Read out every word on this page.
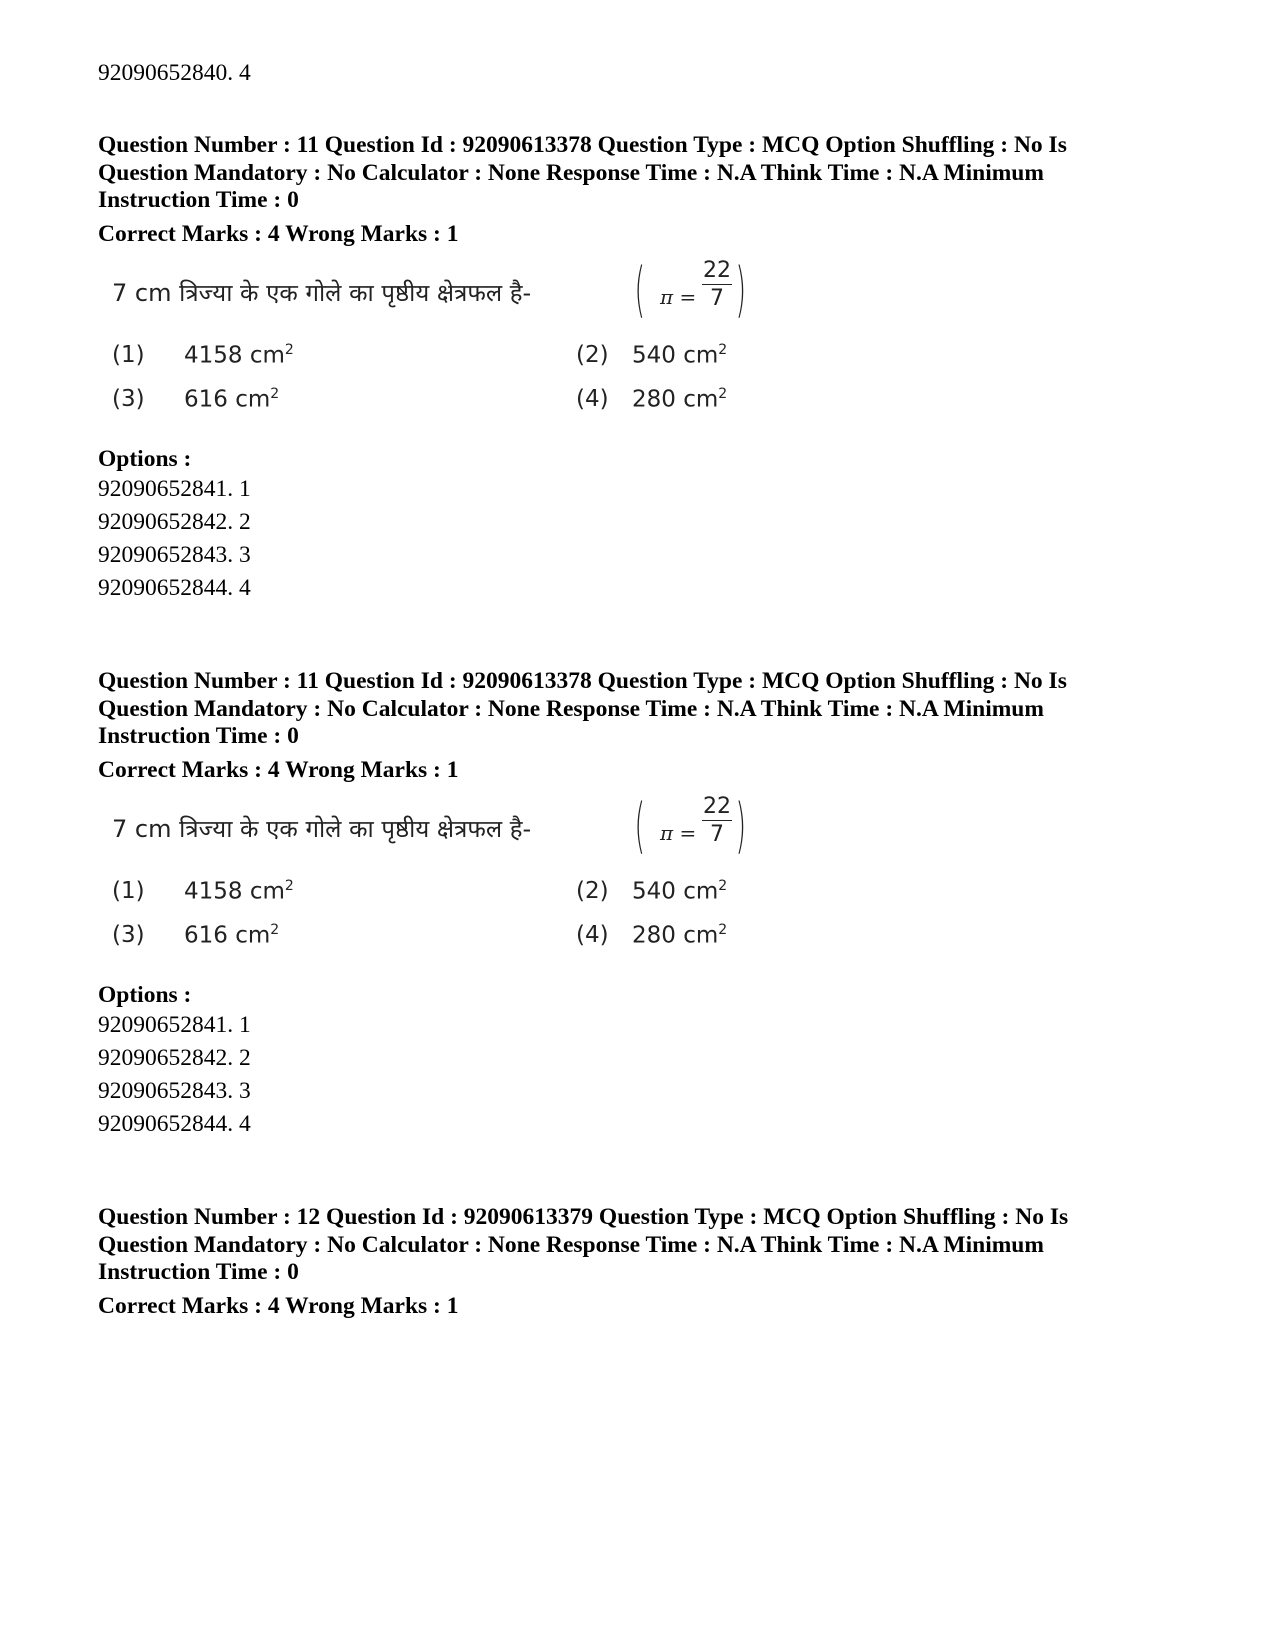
92090652840. 4
Question Number : 11 Question Id : 92090613378 Question Type : MCQ Option Shuffling : No Is
Question Mandatory : No Calculator : None Response Time : N.A Think Time : N.A Minimum
Instruction Time : 0
Correct Marks : 4 Wrong Marks : 1
7 cm त्रिज्या के एक गोले का पृष्ठीय क्षेत्रफल है- ( $\pi = \frac{22}{7}$ )
(1)	4158 $cm^2$	(2)	540 $cm^2$
(3)	616 $cm^2$	(4)	280 $cm^2$
Options :
92090652841. 1
92090652842. 2
92090652843. 3
92090652844. 4
Question Number : 11 Question Id : 92090613378 Question Type : MCQ Option Shuffling : No Is
Question Mandatory : No Calculator : None Response Time : N.A Think Time : N.A Minimum
Instruction Time : 0
Correct Marks : 4 Wrong Marks : 1
7 cm त्रिज्या के एक गोले का पृष्ठीय क्षेत्रफल है- ( $\pi = \frac{22}{7}$ )
(1)	4158 $cm^2$	(2)	540 $cm^2$
(3)	616 $cm^2$	(4)	280 $cm^2$
Options :
92090652841. 1
92090652842. 2
92090652843. 3
92090652844. 4
Question Number : 12 Question Id : 92090613379 Question Type : MCQ Option Shuffling : No Is
Question Mandatory : No Calculator : None Response Time : N.A Think Time : N.A Minimum
Instruction Time : 0
Correct Marks : 4 Wrong Marks : 1
